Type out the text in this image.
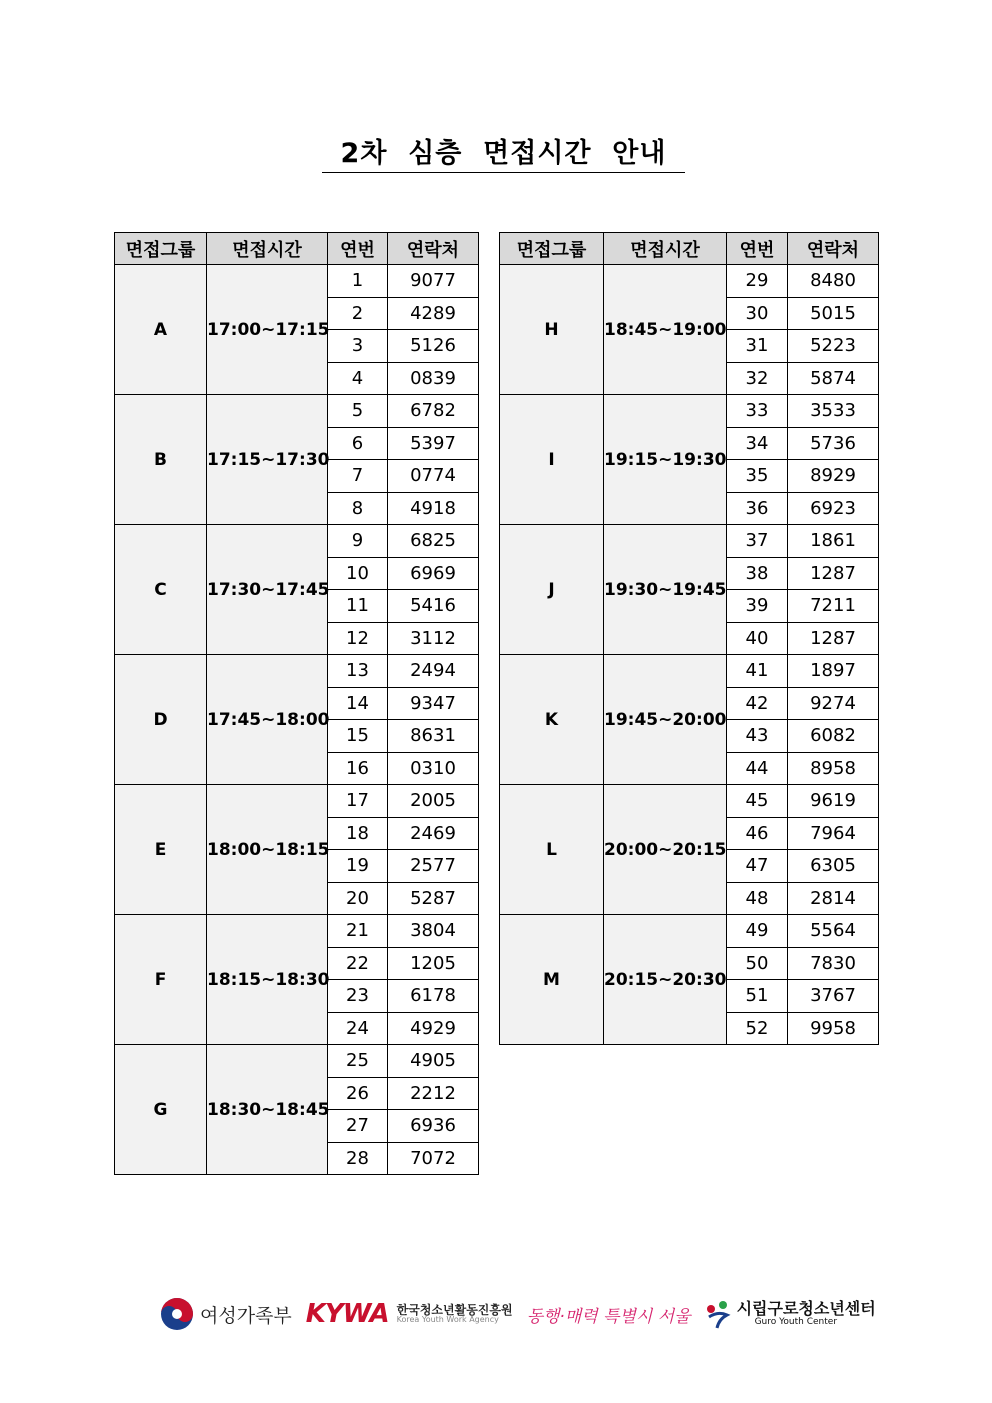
2차  심층  면접시간  안내
면접그룹	면접시간	연번	연락처
A	17:00~17:15	1	9077
		2	4289
		3	5126
		4	0839
B	17:15~17:30	5	6782
		6	5397
		7	0774
		8	4918
C	17:30~17:45	9	6825
		10	6969
		11	5416
		12	3112
D	17:45~18:00	13	2494
		14	9347
		15	8631
		16	0310
E	18:00~18:15	17	2005
		18	2469
		19	2577
		20	5287
F	18:15~18:30	21	3804
		22	1205
		23	6178
		24	4929
G	18:30~18:45	25	4905
		26	2212
		27	6936
		28	7072
면접그룹	면접시간	연번	연락처
H	18:45~19:00	29	8480
		30	5015
		31	5223
		32	5874
I	19:15~19:30	33	3533
		34	5736
		35	8929
		36	6923
J	19:30~19:45	37	1861
		38	1287
		39	7211
		40	1287
K	19:45~20:00	41	1897
		42	9274
		43	6082
		44	8958
L	20:00~20:15	45	9619
		46	7964
		47	6305
		48	2814
M	20:15~20:30	49	5564
		50	7830
		51	3767
		52	9958
여성가족부 KYWA 한국청소년활동진흥원
Korea Youth Work Agency	동행·매력 특별시 서울	시립구로청소년센터
Guro Youth Center
